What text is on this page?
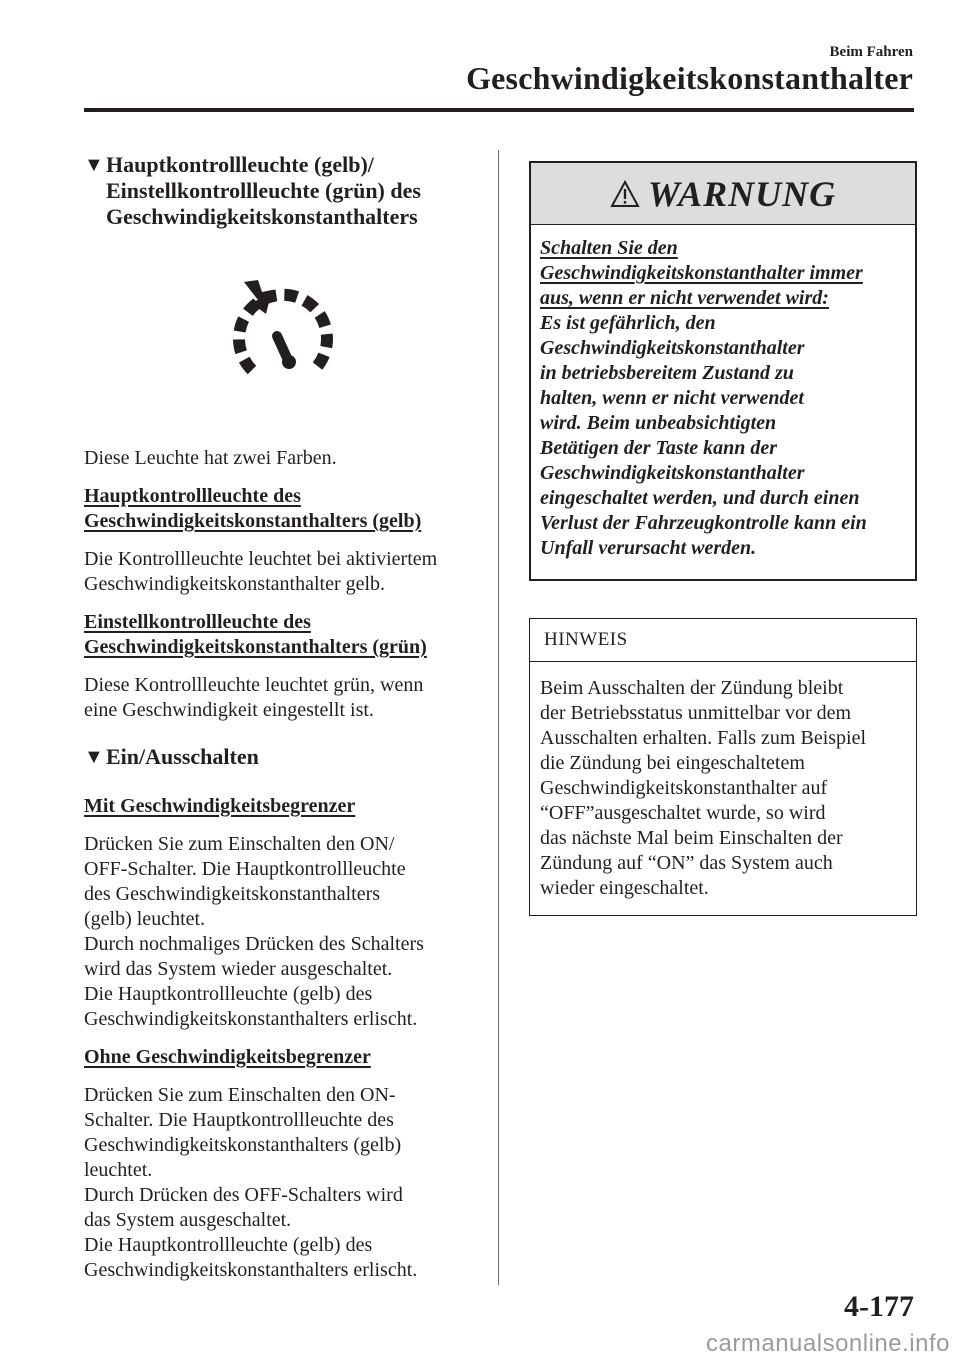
Beim Fahren
Geschwindigkeitskonstanthalter
▼ Hauptkontrollleuchte (gelb)/
Einstellkontrollleuchte (grün) des
Geschwindigkeitskonstanthalters

Diese Leuchte hat zwei Farben.

Hauptkontrollleuchte des
Geschwindigkeitskonstanthalters (gelb)

Die Kontrollleuchte leuchtet bei aktiviertem
Geschwindigkeitskonstanthalter gelb.

Einstellkontrollleuchte des
Geschwindigkeitskonstanthalters (grün)

Diese Kontrollleuchte leuchtet grün, wenn
eine Geschwindigkeit eingestellt ist.

▼ Ein/Ausschalten

Mit Geschwindigkeitsbegrenzer

Drücken Sie zum Einschalten den ON/
OFF-Schalter. Die Hauptkontrollleuchte
des Geschwindigkeitskonstanthalters
(gelb) leuchtet.
Durch nochmaliges Drücken des Schalters
wird das System wieder ausgeschaltet.
Die Hauptkontrollleuchte (gelb) des
Geschwindigkeitskonstanthalters erlischt.

Ohne Geschwindigkeitsbegrenzer

Drücken Sie zum Einschalten den ON-
Schalter. Die Hauptkontrollleuchte des
Geschwindigkeitskonstanthalters (gelb)
leuchtet.
Durch Drücken des OFF-Schalters wird
das System ausgeschaltet.
Die Hauptkontrollleuchte (gelb) des
Geschwindigkeitskonstanthalters erlischt.

WARNUNG
Schalten Sie den
Geschwindigkeitskonstanthalter immer
aus, wenn er nicht verwendet wird:
Es ist gefährlich, den
Geschwindigkeitskonstanthalter
in betriebsbereitem Zustand zu
halten, wenn er nicht verwendet
wird. Beim unbeabsichtigten
Betätigen der Taste kann der
Geschwindigkeitskonstanthalter
eingeschaltet werden, und durch einen
Verlust der Fahrzeugkontrolle kann ein
Unfall verursacht werden.
HINWEIS
Beim Ausschalten der Zündung bleibt
der Betriebsstatus unmittelbar vor dem
Ausschalten erhalten. Falls zum Beispiel
die Zündung bei eingeschaltetem
Geschwindigkeitskonstanthalter auf
“OFF”ausgeschaltet wurde, so wird
das nächste Mal beim Einschalten der
Zündung auf “ON” das System auch
wieder eingeschaltet.
4-177
carmanualsonline.info
